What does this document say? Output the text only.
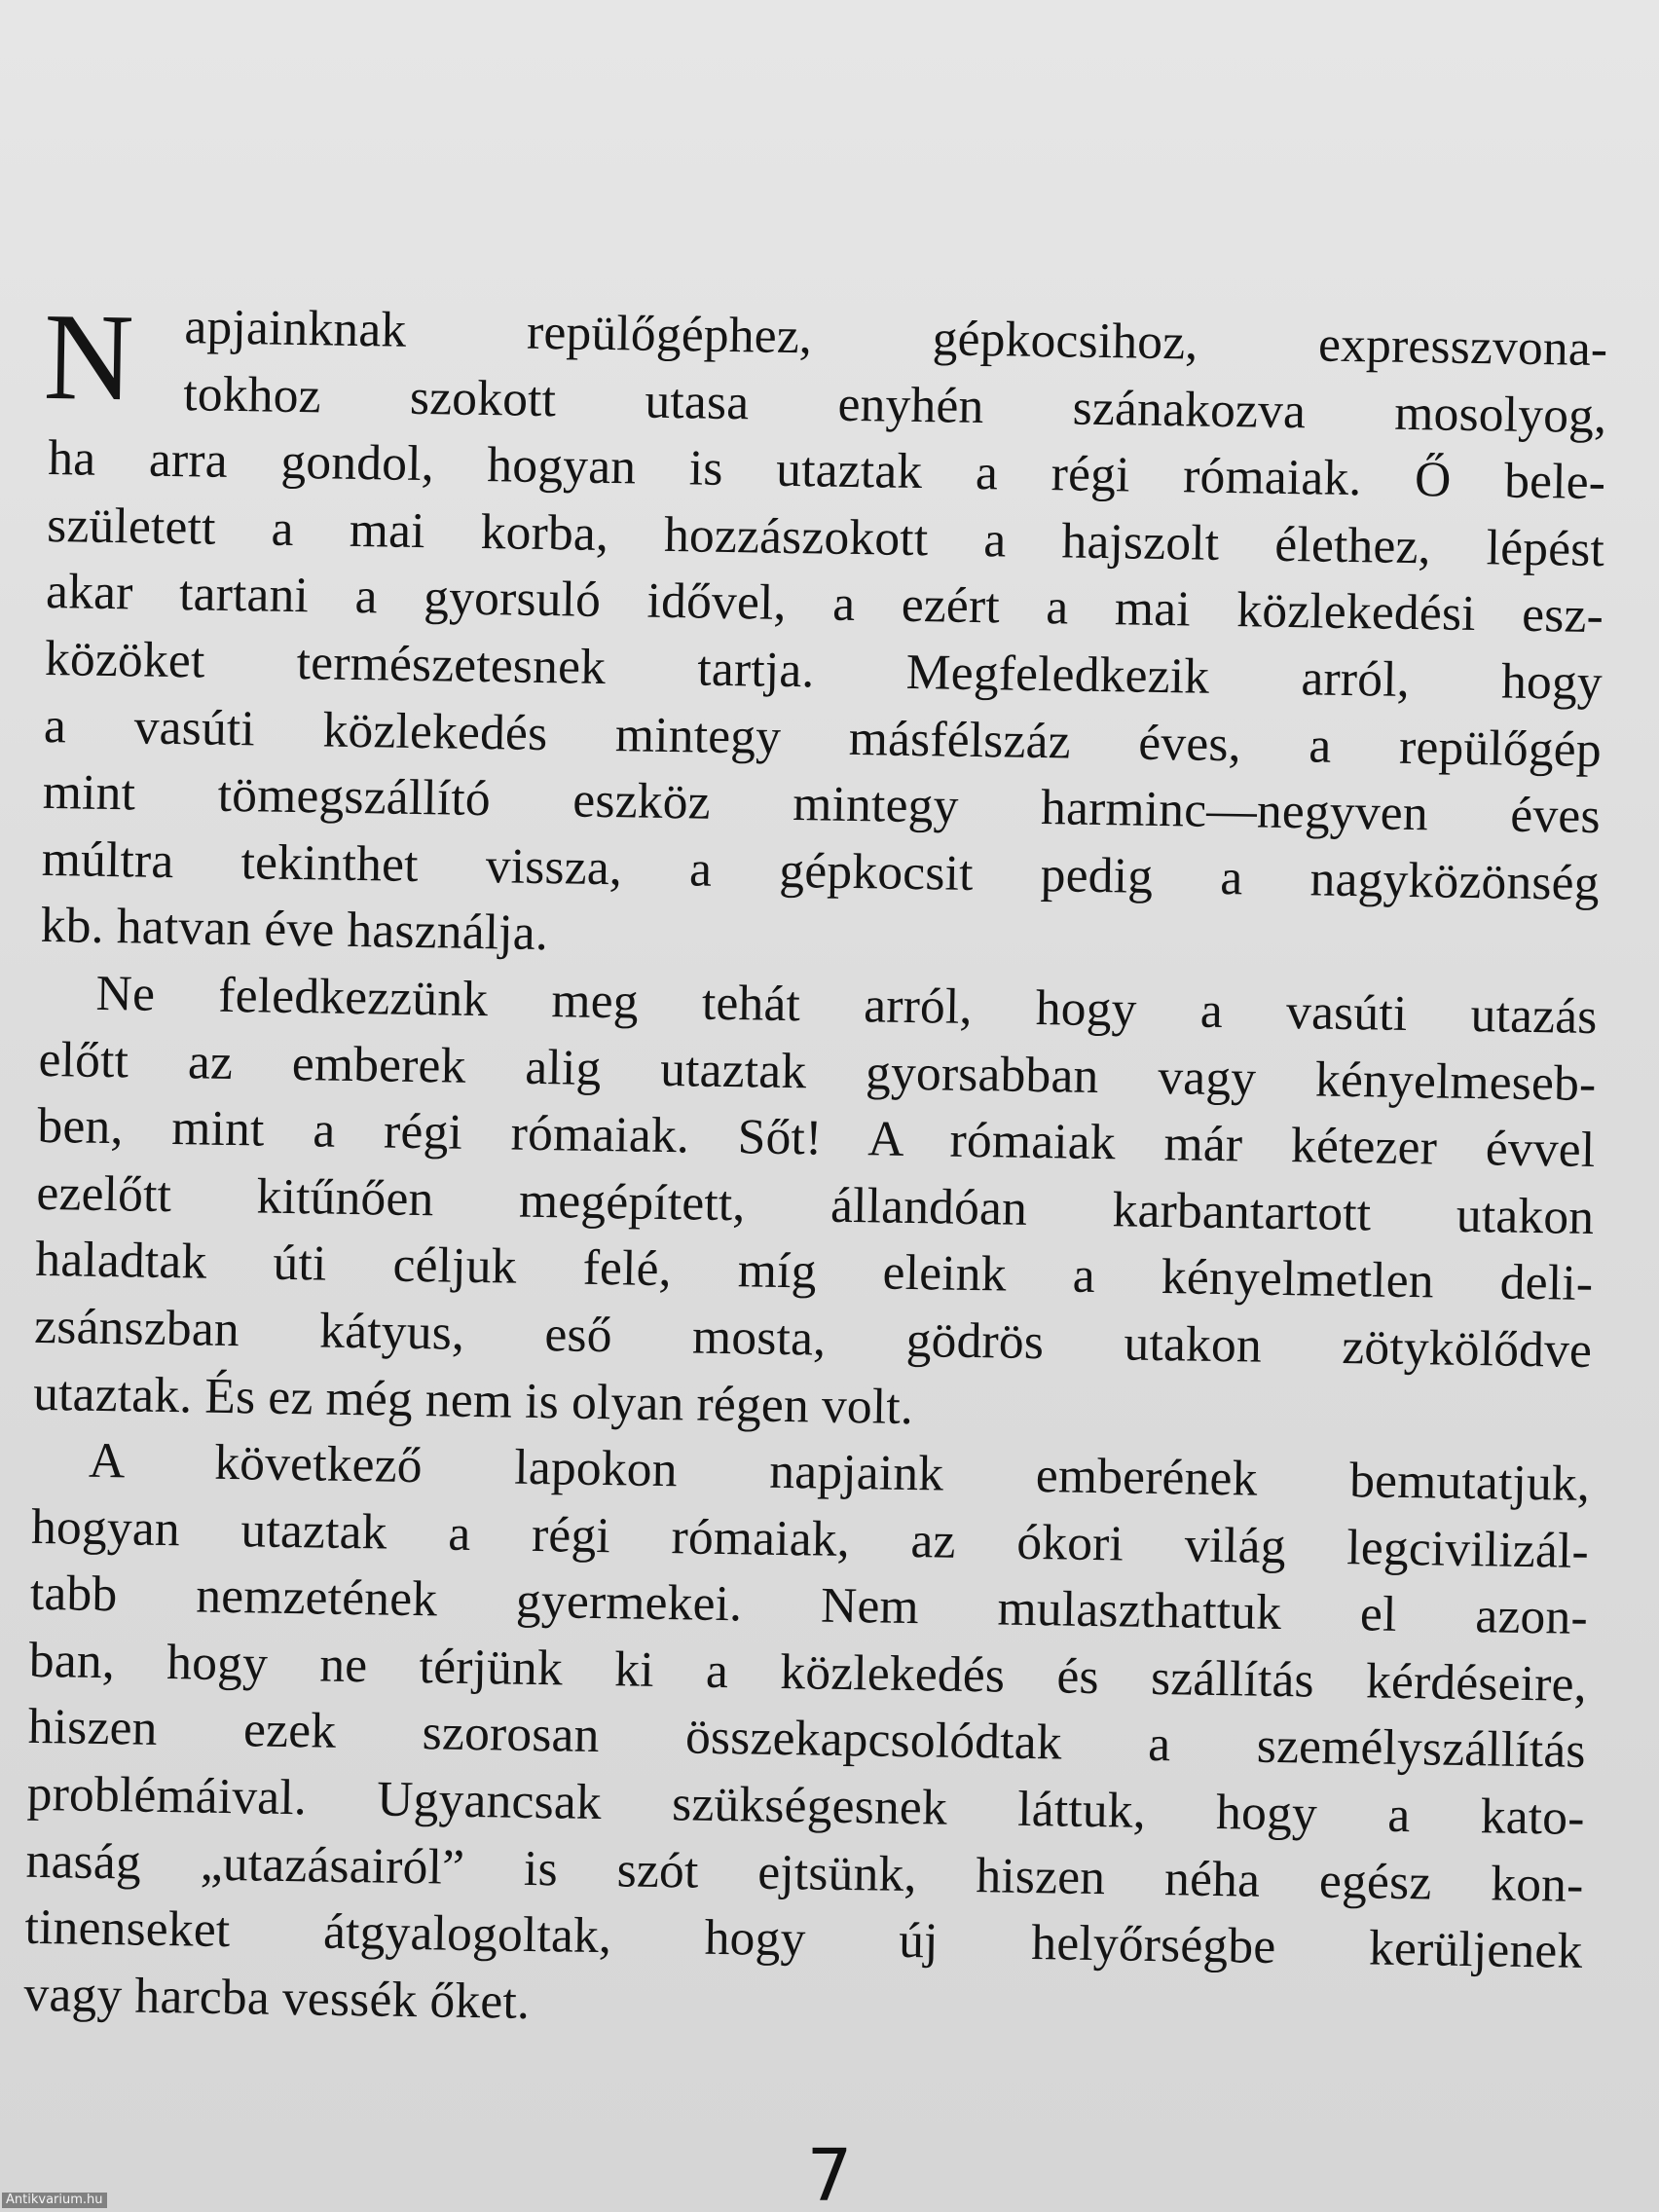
N apjainknak repülőgéphez, gépkocsihoz, expresszvona-
tokhoz szokott utasa enyhén szánakozva mosolyog,
ha arra gondol, hogyan is utaztak a régi rómaiak. Ő bele-
született a mai korba, hozzászokott a hajszolt élethez, lépést
akar tartani a gyorsuló idővel, a ezért a mai közlekedési esz-
közöket természetesnek tartja. Megfeledkezik arról, hogy
a vasúti közlekedés mintegy másfélszáz éves, a repülőgép
mint tömegszállító eszköz mintegy harminc—negyven éves
múltra tekinthet vissza, a gépkocsit pedig a nagyközönség
kb. hatvan éve használja.
Ne feledkezzünk meg tehát arról, hogy a vasúti utazás
előtt az emberek alig utaztak gyorsabban vagy kényelmeseb-
ben, mint a régi rómaiak. Sőt! A rómaiak már kétezer évvel
ezelőtt kitűnően megépített, állandóan karbantartott utakon
haladtak úti céljuk felé, míg eleink a kényelmetlen deli-
zsánszban kátyus, eső mosta, gödrös utakon zötykölődve
utaztak. És ez még nem is olyan régen volt.
A következő lapokon napjaink emberének bemutatjuk,
hogyan utaztak a régi rómaiak, az ókori világ legcivilizál-
tabb nemzetének gyermekei. Nem mulaszthattuk el azon-
ban, hogy ne térjünk ki a közlekedés és szállítás kérdéseire,
hiszen ezek szorosan összekapcsolódtak a személyszállítás
problémáival. Ugyancsak szükségesnek láttuk, hogy a kato-
naság „utazásairól” is szót ejtsünk, hiszen néha egész kon-
tinenseket átgyalogoltak, hogy új helyőrségbe kerüljenek
vagy harcba vessék őket.
7
Antikvarium.hu
